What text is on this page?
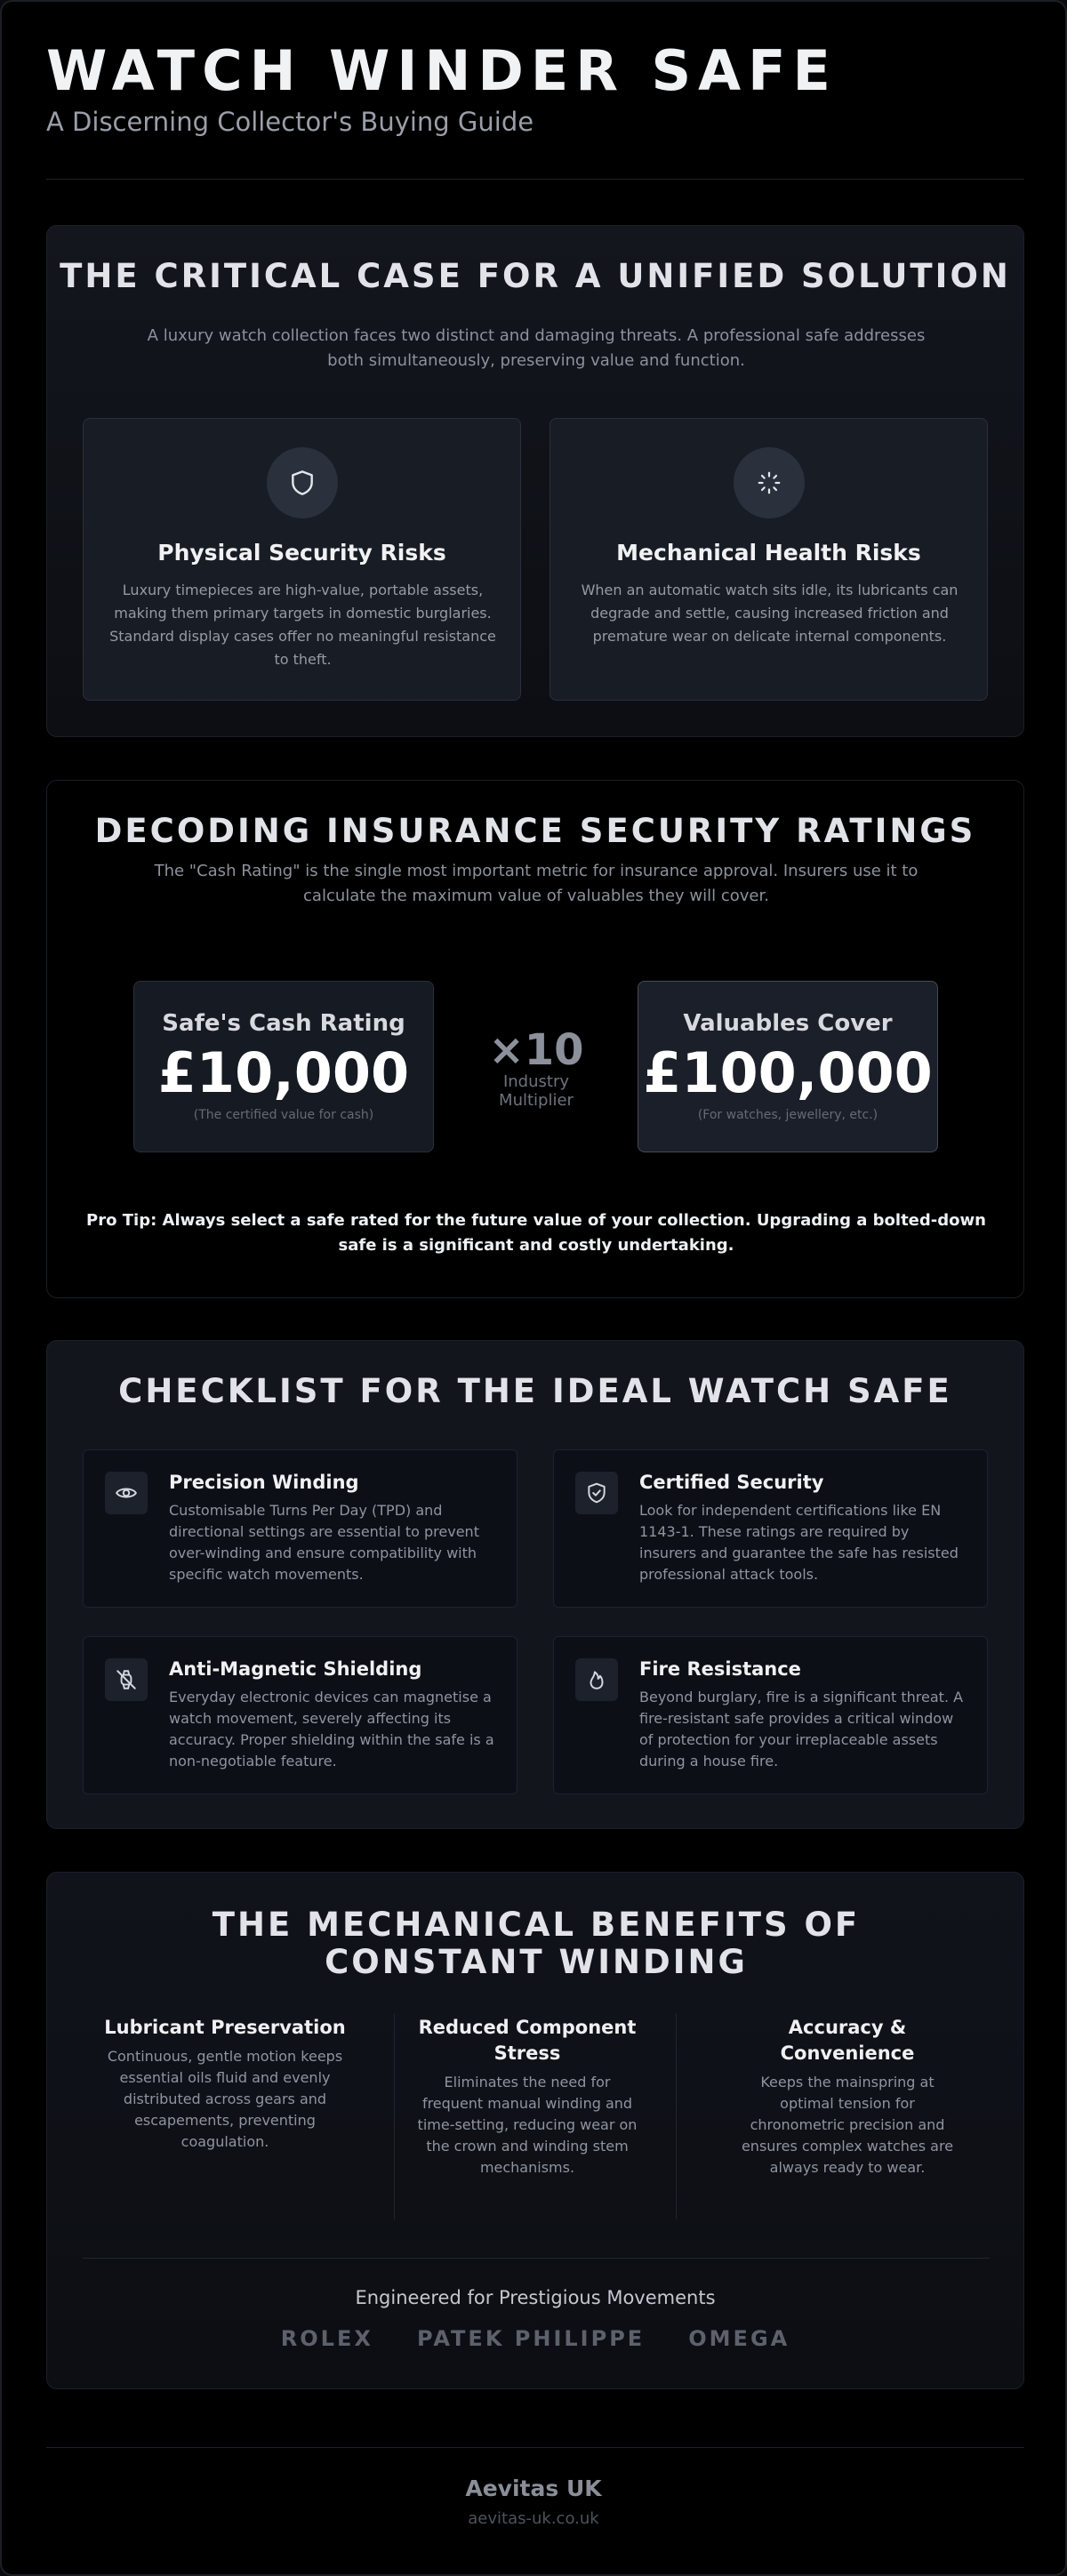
WATCH WINDER SAFE
A Discerning Collector's Buying Guide
THE CRITICAL CASE FOR A UNIFIED SOLUTION
A luxury watch collection faces two distinct and damaging threats. A professional safe addresses both simultaneously, preserving value and function.
Physical Security Risks
Luxury timepieces are high-value, portable assets, making them primary targets in domestic burglaries. Standard display cases offer no meaningful resistance to theft.
Mechanical Health Risks
When an automatic watch sits idle, its lubricants can degrade and settle, causing increased friction and premature wear on delicate internal components.
DECODING INSURANCE SECURITY RATINGS
The "Cash Rating" is the single most important metric for insurance approval. Insurers use it to calculate the maximum value of valuables they will cover.
Safe's Cash Rating
£10,000
(The certified value for cash)
×10
Industry Multiplier
Valuables Cover
£100,000
(For watches, jewellery, etc.)
Pro Tip: Always select a safe rated for the future value of your collection. Upgrading a bolted-down safe is a significant and costly undertaking.
CHECKLIST FOR THE IDEAL WATCH SAFE
Precision Winding
Customisable Turns Per Day (TPD) and directional settings are essential to prevent over-winding and ensure compatibility with specific watch movements.
Certified Security
Look for independent certifications like EN 1143-1. These ratings are required by insurers and guarantee the safe has resisted professional attack tools.
Anti-Magnetic Shielding
Everyday electronic devices can magnetise a watch movement, severely affecting its accuracy. Proper shielding within the safe is a non-negotiable feature.
Fire Resistance
Beyond burglary, fire is a significant threat. A fire-resistant safe provides a critical window of protection for your irreplaceable assets during a house fire.
THE MECHANICAL BENEFITS OF CONSTANT WINDING
Lubricant Preservation
Continuous, gentle motion keeps essential oils fluid and evenly distributed across gears and escapements, preventing coagulation.
Reduced Component Stress
Eliminates the need for frequent manual winding and time-setting, reducing wear on the crown and winding stem mechanisms.
Accuracy & Convenience
Keeps the mainspring at optimal tension for chronometric precision and ensures complex watches are always ready to wear.
Engineered for Prestigious Movements
ROLEX PATEK PHILIPPE OMEGA
Aevitas UK
aevitas-uk.co.uk
